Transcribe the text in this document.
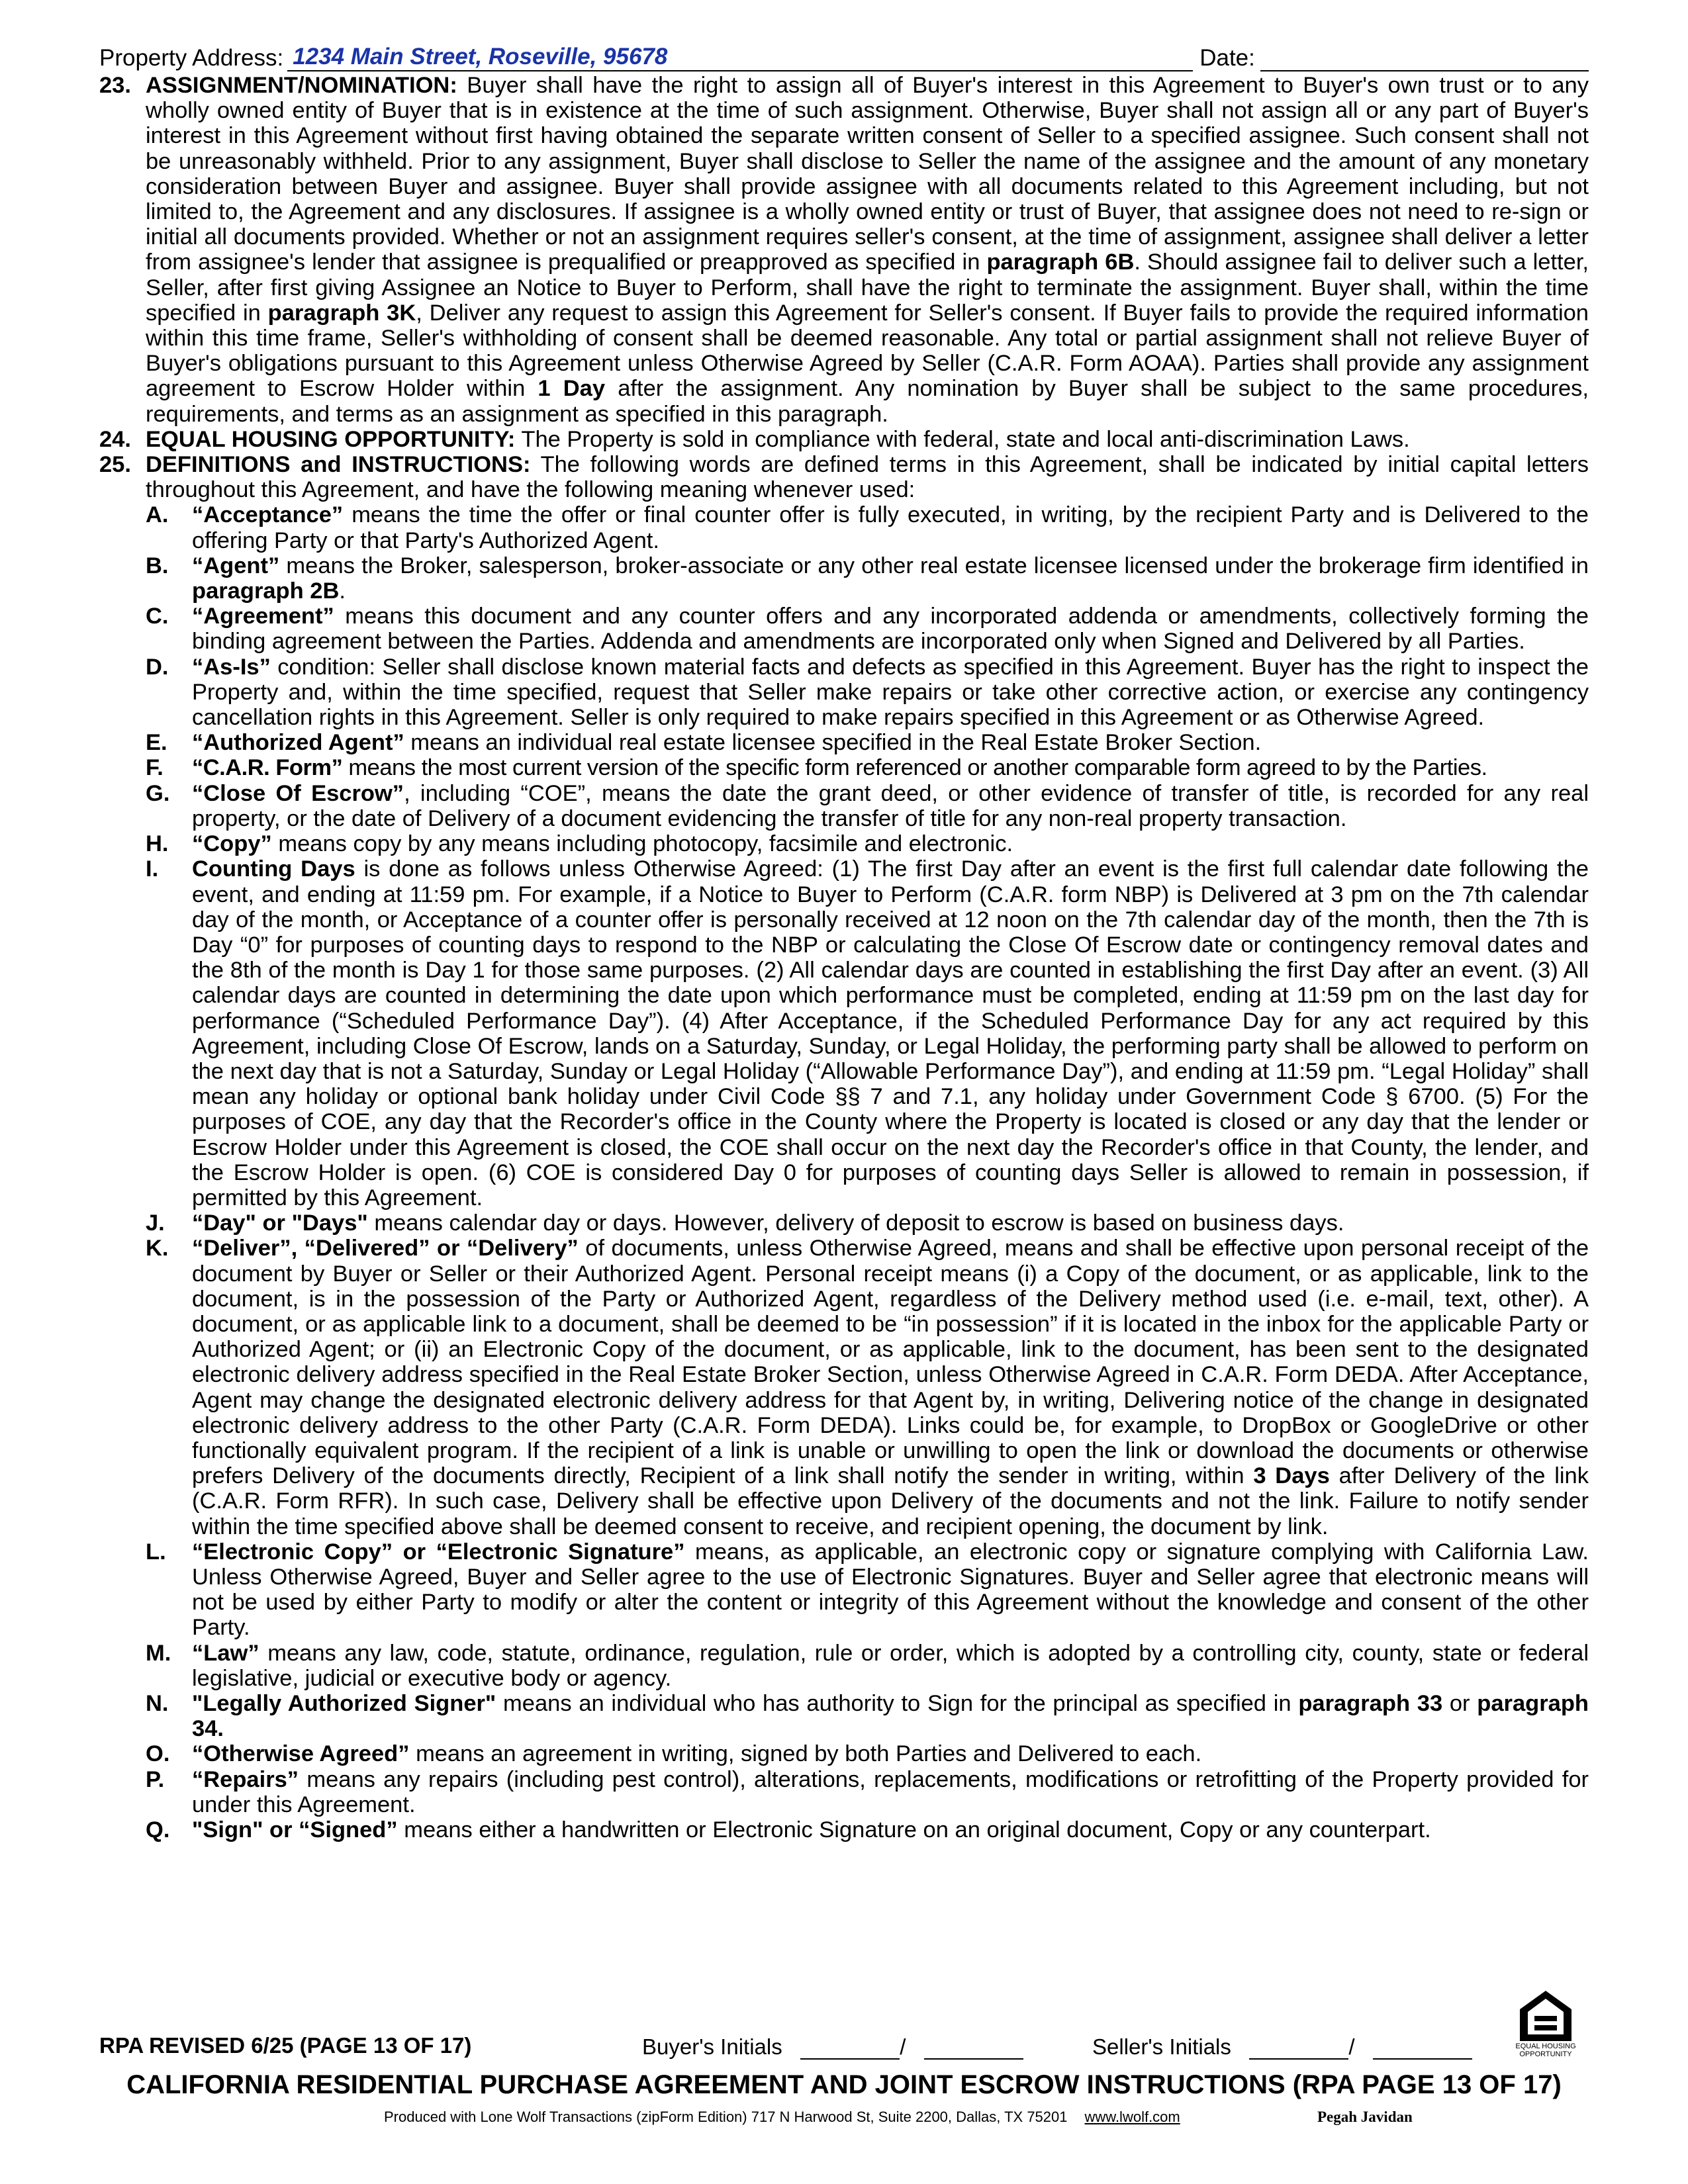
Property Address: 1234 Main Street, Roseville, 95678	Date:
23. ASSIGNMENT/NOMINATION: Buyer shall have the right to assign all of Buyer's interest in this Agreement to Buyer's own trust or to any wholly owned entity of Buyer that is in existence at the time of such assignment. Otherwise, Buyer shall not assign all or any part of Buyer's interest in this Agreement without first having obtained the separate written consent of Seller to a specified assignee. Such consent shall not be unreasonably withheld. Prior to any assignment, Buyer shall disclose to Seller the name of the assignee and the amount of any monetary consideration between Buyer and assignee. Buyer shall provide assignee with all documents related to this Agreement including, but not limited to, the Agreement and any disclosures. If assignee is a wholly owned entity or trust of Buyer, that assignee does not need to re-sign or initial all documents provided. Whether or not an assignment requires seller's consent, at the time of assignment, assignee shall deliver a letter from assignee's lender that assignee is prequalified or preapproved as specified in paragraph 6B. Should assignee fail to deliver such a letter, Seller, after first giving Assignee an Notice to Buyer to Perform, shall have the right to terminate the assignment. Buyer shall, within the time specified in paragraph 3K, Deliver any request to assign this Agreement for Seller's consent. If Buyer fails to provide the required information within this time frame, Seller's withholding of consent shall be deemed reasonable. Any total or partial assignment shall not relieve Buyer of Buyer's obligations pursuant to this Agreement unless Otherwise Agreed by Seller (C.A.R. Form AOAA). Parties shall provide any assignment agreement to Escrow Holder within 1 Day after the assignment. Any nomination by Buyer shall be subject to the same procedures, requirements, and terms as an assignment as specified in this paragraph.
24. EQUAL HOUSING OPPORTUNITY: The Property is sold in compliance with federal, state and local anti-discrimination Laws.
25. DEFINITIONS and INSTRUCTIONS: The following words are defined terms in this Agreement, shall be indicated by initial capital letters throughout this Agreement, and have the following meaning whenever used:
A.	“Acceptance” means the time the offer or final counter offer is fully executed, in writing, by the recipient Party and is Delivered to the offering Party or that Party's Authorized Agent.
B.	“Agent” means the Broker, salesperson, broker-associate or any other real estate licensee licensed under the brokerage firm identified in paragraph 2B.
C.	“Agreement” means this document and any counter offers and any incorporated addenda or amendments, collectively forming the binding agreement between the Parties. Addenda and amendments are incorporated only when Signed and Delivered by all Parties.
D.	“As-Is” condition: Seller shall disclose known material facts and defects as specified in this Agreement. Buyer has the right to inspect the Property and, within the time specified, request that Seller make repairs or take other corrective action, or exercise any contingency cancellation rights in this Agreement. Seller is only required to make repairs specified in this Agreement or as Otherwise Agreed.
E.	“Authorized Agent” means an individual real estate licensee specified in the Real Estate Broker Section.
F.	“C.A.R. Form” means the most current version of the specific form referenced or another comparable form agreed to by the Parties.
G. “Close Of Escrow”, including “COE”, means the date the grant deed, or other evidence of transfer of title, is recorded for any real property, or the date of Delivery of a document evidencing the transfer of title for any non-real property transaction.
H.	“Copy” means copy by any means including photocopy, facsimile and electronic.
I.	Counting Days is done as follows unless Otherwise Agreed: (1) The first Day after an event is the first full calendar date following the event, and ending at 11:59 pm. For example, if a Notice to Buyer to Perform (C.A.R. form NBP) is Delivered at 3 pm on the 7th calendar day of the month, or Acceptance of a counter offer is personally received at 12 noon on the 7th calendar day of the month, then the 7th is Day “0” for purposes of counting days to respond to the NBP or calculating the Close Of Escrow date or contingency removal dates and the 8th of the month is Day 1 for those same purposes. (2) All calendar days are counted in establishing the first Day after an event. (3) All calendar days are counted in determining the date upon which performance must be completed, ending at 11:59 pm on the last day for performance (“Scheduled Performance Day”). (4) After Acceptance, if the Scheduled Performance Day for any act required by this Agreement, including Close Of Escrow, lands on a Saturday, Sunday, or Legal Holiday, the performing party shall be allowed to perform on the next day that is not a Saturday, Sunday or Legal Holiday (“Allowable Performance Day”), and ending at 11:59 pm. “Legal Holiday” shall mean any holiday or optional bank holiday under Civil Code §§ 7 and 7.1, any holiday under Government Code § 6700. (5) For the purposes of COE, any day that the Recorder's office in the County where the Property is located is closed or any day that the lender or Escrow Holder under this Agreement is closed, the COE shall occur on the next day the Recorder's office in that County, the lender, and the Escrow Holder is open. (6) COE is considered Day 0 for purposes of counting days Seller is allowed to remain in possession, if permitted by this Agreement.
J.	“Day" or "Days" means calendar day or days. However, delivery of deposit to escrow is based on business days.
K.	“Deliver”, “Delivered” or “Delivery” of documents, unless Otherwise Agreed, means and shall be effective upon personal receipt of the document by Buyer or Seller or their Authorized Agent. Personal receipt means (i) a Copy of the document, or as applicable, link to the document, is in the possession of the Party or Authorized Agent, regardless of the Delivery method used (i.e. e-mail, text, other). A document, or as applicable link to a document, shall be deemed to be “in possession” if it is located in the inbox for the applicable Party or Authorized Agent; or (ii) an Electronic Copy of the document, or as applicable, link to the document, has been sent to the designated electronic delivery address specified in the Real Estate Broker Section, unless Otherwise Agreed in C.A.R. Form DEDA. After Acceptance, Agent may change the designated electronic delivery address for that Agent by, in writing, Delivering notice of the change in designated electronic delivery address to the other Party (C.A.R. Form DEDA). Links could be, for example, to DropBox or GoogleDrive or other functionally equivalent program. If the recipient of a link is unable or unwilling to open the link or download the documents or otherwise prefers Delivery of the documents directly, Recipient of a link shall notify the sender in writing, within 3 Days after Delivery of the link (C.A.R. Form RFR). In such case, Delivery shall be effective upon Delivery of the documents and not the link. Failure to notify sender within the time specified above shall be deemed consent to receive, and recipient opening, the document by link.
L.	“Electronic Copy” or “Electronic Signature” means, as applicable, an electronic copy or signature complying with California Law. Unless Otherwise Agreed, Buyer and Seller agree to the use of Electronic Signatures. Buyer and Seller agree that electronic means will not be used by either Party to modify or alter the content or integrity of this Agreement without the knowledge and consent of the other Party.
M. “Law” means any law, code, statute, ordinance, regulation, rule or order, which is adopted by a controlling city, county, state or federal legislative, judicial or executive body or agency.
N.	"Legally Authorized Signer" means an individual who has authority to Sign for the principal as specified in paragraph 33 or paragraph 34.
O. “Otherwise Agreed” means an agreement in writing, signed by both Parties and Delivered to each.
P.	“Repairs” means any repairs (including pest control), alterations, replacements, modifications or retrofitting of the Property provided for under this Agreement.
Q. "Sign" or “Signed” means either a handwritten or Electronic Signature on an original document, Copy or any counterpart.
RPA REVISED 6/25 (PAGE 13 OF 17)	Buyer's Initials	/	Seller's Initials	/	EQUAL HOUSING OPPORTUNITY
CALIFORNIA RESIDENTIAL PURCHASE AGREEMENT AND JOINT ESCROW INSTRUCTIONS (RPA PAGE 13 OF 17)
Produced with Lone Wolf Transactions (zipForm Edition) 717 N Harwood St, Suite 2200, Dallas, TX 75201 www.lwolf.com	Pegah Javidan
